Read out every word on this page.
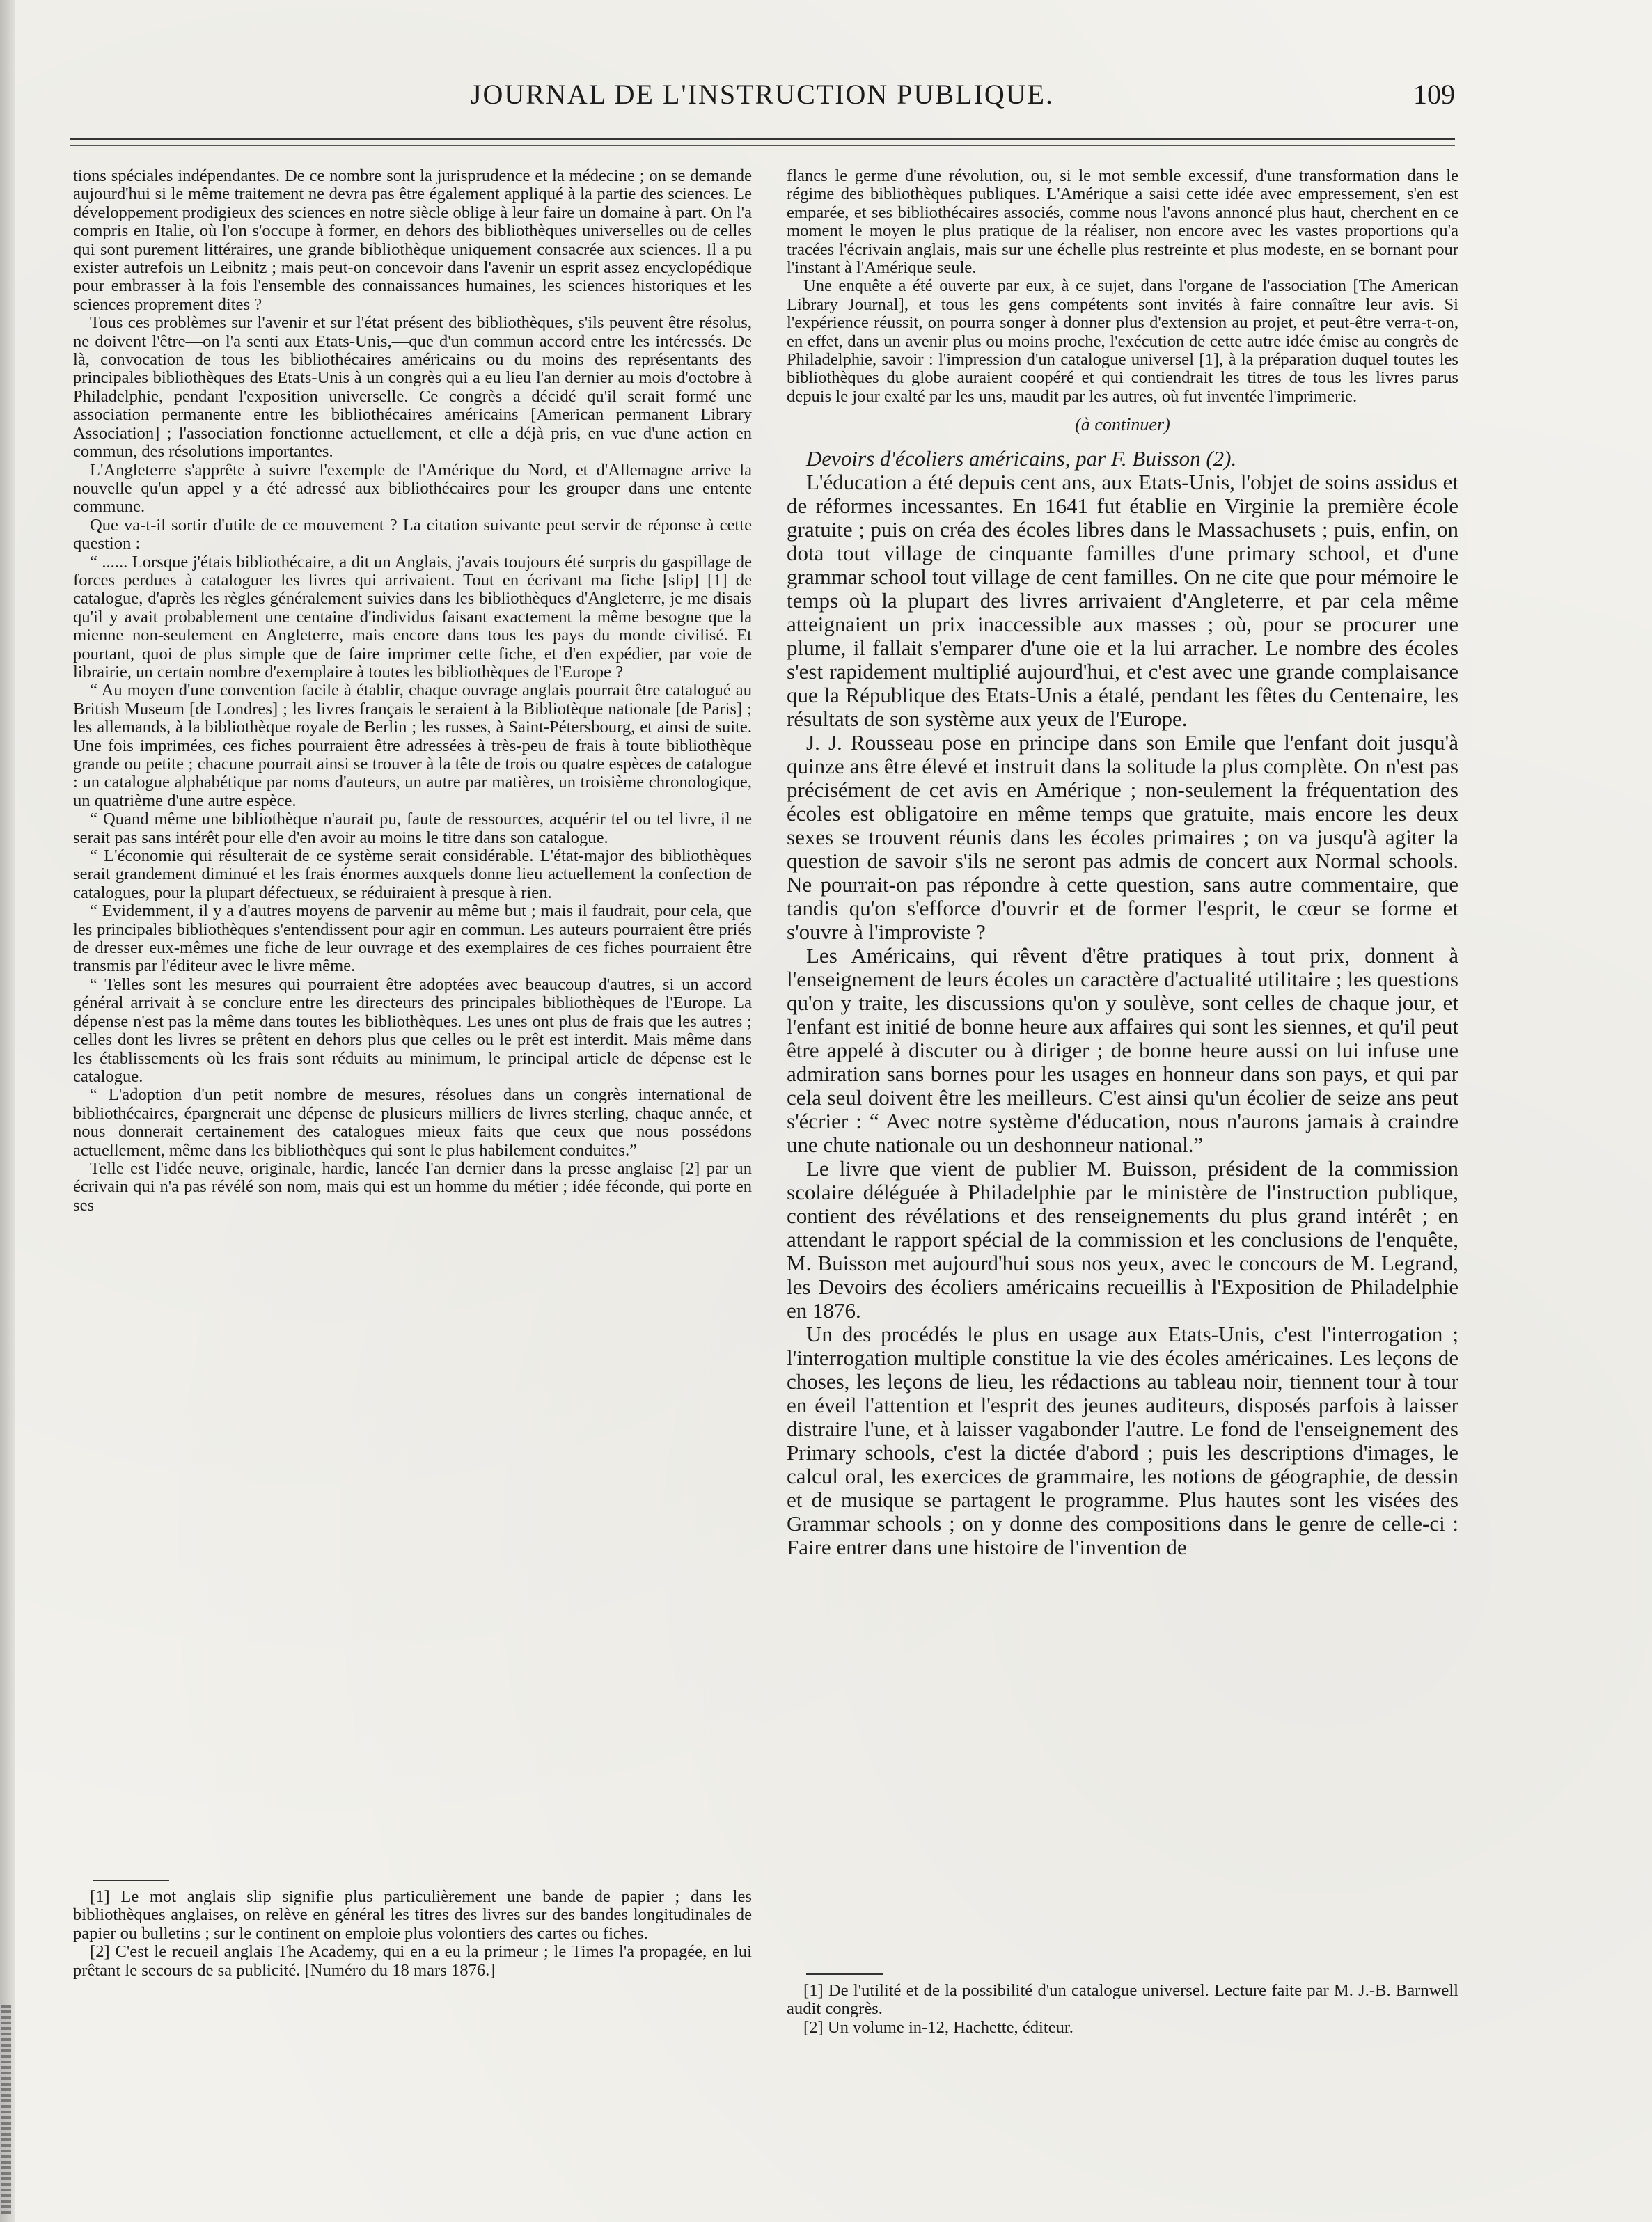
JOURNAL DE L'INSTRUCTION PUBLIQUE.	109

tions spéciales indépendantes. De ce nombre sont la jurisprudence et la médecine ; on se demande aujourd'hui si le même traitement ne devra pas être également appliqué à la partie des sciences. Le développement prodigieux des sciences en notre siècle oblige à leur faire un domaine à part. On l'a compris en Italie, où l'on s'occupe à former, en dehors des bibliothèques universelles ou de celles qui sont purement littéraires, une grande bibliothèque uniquement consacrée aux sciences. Il a pu exister autrefois un Leibnitz ; mais peut-on concevoir dans l'avenir un esprit assez encyclopédique pour embrasser à la fois l'ensemble des connaissances humaines, les sciences historiques et les sciences proprement dites ?

Tous ces problèmes sur l'avenir et sur l'état présent des bibliothèques, s'ils peuvent être résolus, ne doivent l'être—on l'a senti aux Etats-Unis,—que d'un commun accord entre les intéressés. De là, convocation de tous les bibliothécaires américains ou du moins des représentants des principales bibliothèques des Etats-Unis à un congrès qui a eu lieu l'an dernier au mois d'octobre à Philadelphie, pendant l'exposition universelle. Ce congrès a décidé qu'il serait formé une association permanente entre les bibliothécaires américains [American permanent Library Association] ; l'association fonctionne actuellement, et elle a déjà pris, en vue d'une action en commun, des résolutions importantes.

L'Angleterre s'apprête à suivre l'exemple de l'Amérique du Nord, et d'Allemagne arrive la nouvelle qu'un appel y a été adressé aux bibliothécaires pour les grouper dans une entente commune.

Que va-t-il sortir d'utile de ce mouvement ? La citation suivante peut servir de réponse à cette question :

“ ...... Lorsque j'étais bibliothécaire, a dit un Anglais, j'avais toujours été surpris du gaspillage de forces perdues à cataloguer les livres qui arrivaient. Tout en écrivant ma fiche [slip] [1] de catalogue, d'après les règles généralement suivies dans les bibliothèques d'Angleterre, je me disais qu'il y avait probablement une centaine d'individus faisant exactement la même besogne que la mienne non-seulement en Angleterre, mais encore dans tous les pays du monde civilisé. Et pourtant, quoi de plus simple que de faire imprimer cette fiche, et d'en expédier, par voie de librairie, un certain nombre d'exemplaire à toutes les bibliothèques de l'Europe ?

“ Au moyen d'une convention facile à établir, chaque ouvrage anglais pourrait être catalogué au British Museum [de Londres] ; les livres français le seraient à la Bibliotèque nationale [de Paris] ; les allemands, à la bibliothèque royale de Berlin ; les russes, à Saint-Pétersbourg, et ainsi de suite. Une fois imprimées, ces fiches pourraient être adressées à très-peu de frais à toute bibliothèque grande ou petite ; chacune pourrait ainsi se trouver à la tête de trois ou quatre espèces de catalogue : un catalogue alphabétique par noms d'auteurs, un autre par matières, un troisième chronologique, un quatrième d'une autre espèce.

“ Quand même une bibliothèque n'aurait pu, faute de ressources, acquérir tel ou tel livre, il ne serait pas sans intérêt pour elle d'en avoir au moins le titre dans son catalogue.

“ L'économie qui résulterait de ce système serait considérable. L'état-major des bibliothèques serait grandement diminué et les frais énormes auxquels donne lieu actuellement la confection de catalogues, pour la plupart défectueux, se réduiraient à presque à rien.

“ Evidemment, il y a d'autres moyens de parvenir au même but ; mais il faudrait, pour cela, que les principales bibliothèques s'entendissent pour agir en commun. Les auteurs pourraient être priés de dresser eux-mêmes une fiche de leur ouvrage et des exemplaires de ces fiches pourraient être transmis par l'éditeur avec le livre même.

“ Telles sont les mesures qui pourraient être adoptées avec beaucoup d'autres, si un accord général arrivait à se conclure entre les directeurs des principales bibliothèques de l'Europe. La dépense n'est pas la même dans toutes les bibliothèques. Les unes ont plus de frais que les autres ; celles dont les livres se prêtent en dehors plus que celles ou le prêt est interdit. Mais même dans les établissements où les frais sont réduits au minimum, le principal article de dépense est le catalogue.

“ L'adoption d'un petit nombre de mesures, résolues dans un congrès international de bibliothécaires, épargnerait une dépense de plusieurs milliers de livres sterling, chaque année, et nous donnerait certainement des catalogues mieux faits que ceux que nous possédons actuellement, même dans les bibliothèques qui sont le plus habilement conduites.”

Telle est l'idée neuve, originale, hardie, lancée l'an dernier dans la presse anglaise [2] par un écrivain qui n'a pas révélé son nom, mais qui est un homme du métier ; idée féconde, qui porte en ses

[1] Le mot anglais slip signifie plus particulièrement une bande de papier ; dans les bibliothèques anglaises, on relève en général les titres des livres sur des bandes longitudinales de papier ou bulletins ; sur le continent on emploie plus volontiers des cartes ou fiches.

[2] C'est le recueil anglais The Academy, qui en a eu la primeur ; le Times l'a propagée, en lui prêtant le secours de sa publicité. [Numéro du 18 mars 1876.]

flancs le germe d'une révolution, ou, si le mot semble excessif, d'une transformation dans le régime des bibliothèques publiques. L'Amérique a saisi cette idée avec empressement, s'en est emparée, et ses bibliothécaires associés, comme nous l'avons annoncé plus haut, cherchent en ce moment le moyen le plus pratique de la réaliser, non encore avec les vastes proportions qu'a tracées l'écrivain anglais, mais sur une échelle plus restreinte et plus modeste, en se bornant pour l'instant à l'Amérique seule.

Une enquête a été ouverte par eux, à ce sujet, dans l'organe de l'association [The American Library Journal], et tous les gens compétents sont invités à faire connaître leur avis. Si l'expérience réussit, on pourra songer à donner plus d'extension au projet, et peut-être verra-t-on, en effet, dans un avenir plus ou moins proche, l'exécution de cette autre idée émise au congrès de Philadelphie, savoir : l'impression d'un catalogue universel [1], à la préparation duquel toutes les bibliothèques du globe auraient coopéré et qui contiendrait les titres de tous les livres parus depuis le jour exalté par les uns, maudit par les autres, où fut inventée l'imprimerie.

(à continuer)

Devoirs d'écoliers américains, par F. Buisson (2).

L'éducation a été depuis cent ans, aux Etats-Unis, l'objet de soins assidus et de réformes incessantes. En 1641 fut établie en Virginie la première école gratuite ; puis on créa des écoles libres dans le Massachusets ; puis, enfin, on dota tout village de cinquante familles d'une primary school, et d'une grammar school tout village de cent familles. On ne cite que pour mémoire le temps où la plupart des livres arrivaient d'Angleterre, et par cela même atteignaient un prix inaccessible aux masses ; où, pour se procurer une plume, il fallait s'emparer d'une oie et la lui arracher. Le nombre des écoles s'est rapidement multiplié aujourd'hui, et c'est avec une grande complaisance que la République des Etats-Unis a étalé, pendant les fêtes du Centenaire, les résultats de son système aux yeux de l'Europe.

J. J. Rousseau pose en principe dans son Emile que l'enfant doit jusqu'à quinze ans être élevé et instruit dans la solitude la plus complète. On n'est pas précisément de cet avis en Amérique ; non-seulement la fréquentation des écoles est obligatoire en même temps que gratuite, mais encore les deux sexes se trouvent réunis dans les écoles primaires ; on va jusqu'à agiter la question de savoir s'ils ne seront pas admis de concert aux Normal schools. Ne pourrait-on pas répondre à cette question, sans autre commentaire, que tandis qu'on s'efforce d'ouvrir et de former l'esprit, le cœur se forme et s'ouvre à l'improviste ?

Les Américains, qui rêvent d'être pratiques à tout prix, donnent à l'enseignement de leurs écoles un caractère d'actualité utilitaire ; les questions qu'on y traite, les discussions qu'on y soulève, sont celles de chaque jour, et l'enfant est initié de bonne heure aux affaires qui sont les siennes, et qu'il peut être appelé à discuter ou à diriger ; de bonne heure aussi on lui infuse une admiration sans bornes pour les usages en honneur dans son pays, et qui par cela seul doivent être les meilleurs. C'est ainsi qu'un écolier de seize ans peut s'écrier : “ Avec notre système d'éducation, nous n'aurons jamais à craindre une chute nationale ou un deshonneur national.”

Le livre que vient de publier M. Buisson, président de la commission scolaire déléguée à Philadelphie par le ministère de l'instruction publique, contient des révélations et des renseignements du plus grand intérêt ; en attendant le rapport spécial de la commission et les conclusions de l'enquête, M. Buisson met aujourd'hui sous nos yeux, avec le concours de M. Legrand, les Devoirs des écoliers américains recueillis à l'Exposition de Philadelphie en 1876.

Un des procédés le plus en usage aux Etats-Unis, c'est l'interrogation ; l'interrogation multiple constitue la vie des écoles américaines. Les leçons de choses, les leçons de lieu, les rédactions au tableau noir, tiennent tour à tour en éveil l'attention et l'esprit des jeunes auditeurs, disposés parfois à laisser distraire l'une, et à laisser vagabonder l'autre. Le fond de l'enseignement des Primary schools, c'est la dictée d'abord ; puis les descriptions d'images, le calcul oral, les exercices de grammaire, les notions de géographie, de dessin et de musique se partagent le programme. Plus hautes sont les visées des Grammar schools ; on y donne des compositions dans le genre de celle-ci : Faire entrer dans une histoire de l'invention de

[1] De l'utilité et de la possibilité d'un catalogue universel. Lecture faite par M. J.-B. Barnwell audit congrès.

[2] Un volume in-12, Hachette, éditeur.
